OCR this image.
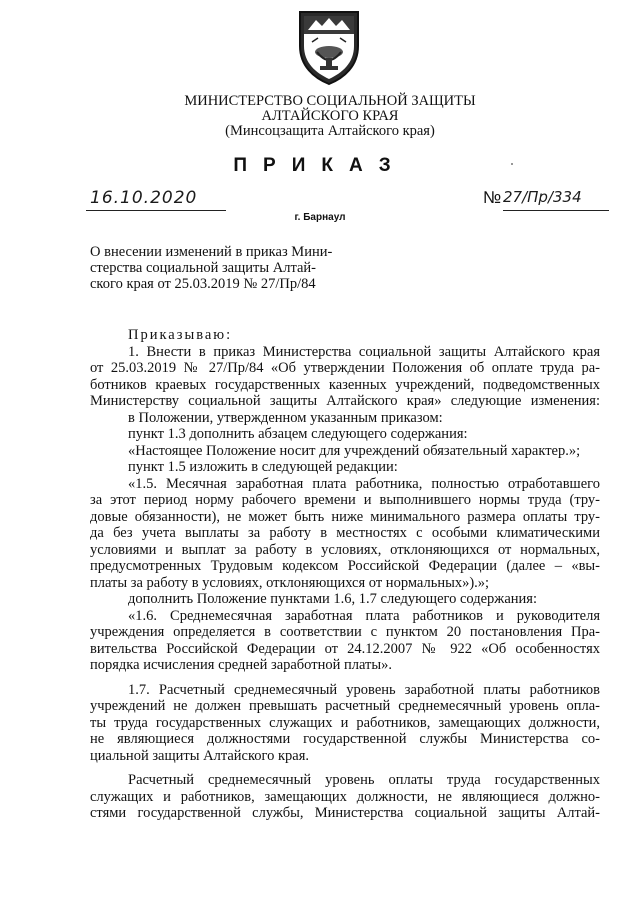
МИНИСТЕРСТВО СОЦИАЛЬНОЙ ЗАЩИТЫ
АЛТАЙСКОГО КРАЯ
(Минсоцзащита Алтайского края)
ПРИКАЗ
16.10.2020	№ 27/Пр/334
г. Барнаул
О внесении изменений в приказ Мини-
стерства социальной защиты Алтай-
ского края от 25.03.2019 № 27/Пр/84
Приказываю:
1. Внести в приказ Министерства социальной защиты Алтайского края
от 25.03.2019 № 27/Пр/84 «Об утверждении Положения об оплате труда ра-
ботников краевых государственных казенных учреждений, подведомственных
Министерству социальной защиты Алтайского края» следующие изменения:
в Положении, утвержденном указанным приказом:
пункт 1.3 дополнить абзацем следующего содержания:
«Настоящее Положение носит для учреждений обязательный характер.»;
пункт 1.5 изложить в следующей редакции:
«1.5. Месячная заработная плата работника, полностью отработавшего
за этот период норму рабочего времени и выполнившего нормы труда (тру-
довые обязанности), не может быть ниже минимального размера оплаты тру-
да без учета выплаты за работу в местностях с особыми климатическими
условиями и выплат за работу в условиях, отклоняющихся от нормальных,
предусмотренных Трудовым кодексом Российской Федерации (далее – «вы-
платы за работу в условиях, отклоняющихся от нормальных»).»;
дополнить Положение пунктами 1.6, 1.7 следующего содержания:
«1.6. Среднемесячная заработная плата работников и руководителя
учреждения определяется в соответствии с пунктом 20 постановления Пра-
вительства Российской Федерации от 24.12.2007 № 922 «Об особенностях
порядка исчисления средней заработной платы».
1.7. Расчетный среднемесячный уровень заработной платы работников
учреждений не должен превышать расчетный среднемесячный уровень опла-
ты труда государственных служащих и работников, замещающих должности,
не являющиеся должностями государственной службы Министерства со-
циальной защиты Алтайского края.
Расчетный среднемесячный уровень оплаты труда государственных
служащих и работников, замещающих должности, не являющиеся должно-
стями государственной службы, Министерства социальной защиты Алтай-
